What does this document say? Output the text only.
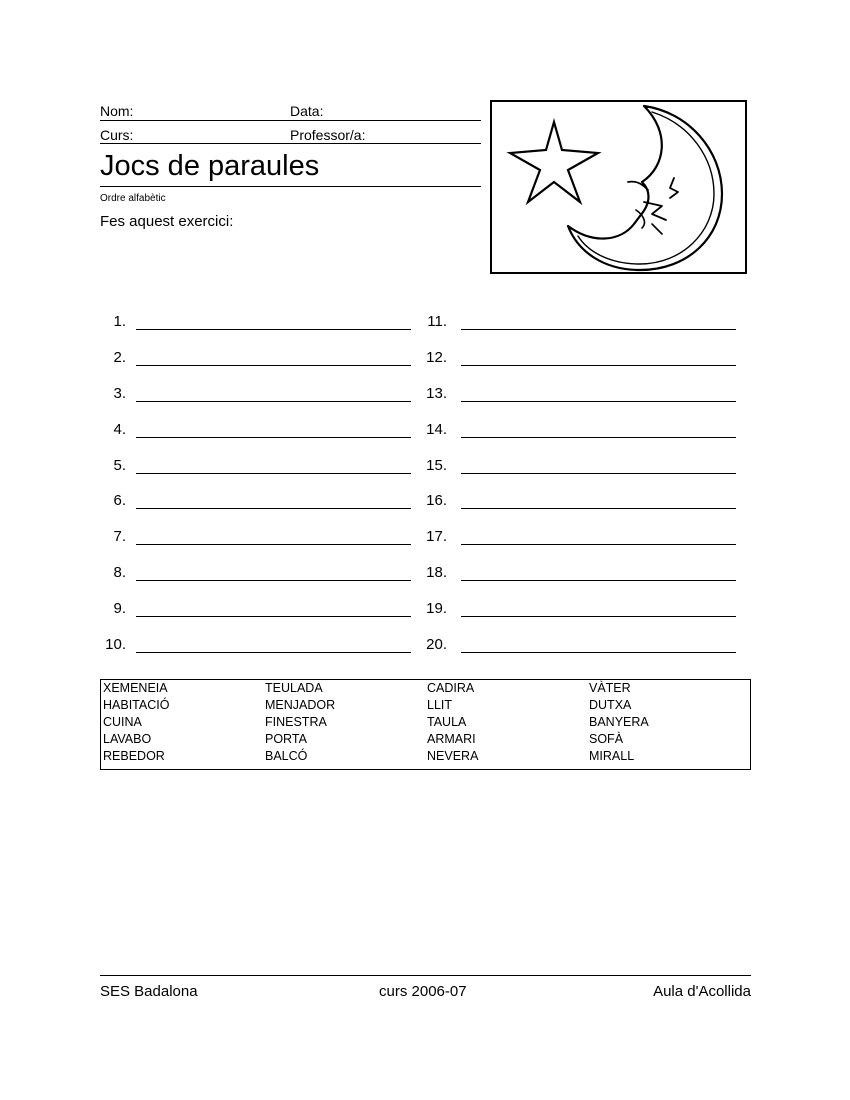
Nom:	Data:
Curs:	Professor/a:
Jocs de paraules
Ordre alfabètic
Fes aquest exercici:
1.
2.
3.
4.
5.
6.
7.
8.
9.
10.
11.
12.
13.
14.
15.
16.
17.
18.
19.
20.
XEMENEIA	TEULADA	CADIRA	VÀTER
HABITACIÓ	MENJADOR	LLIT	DUTXA
CUINA	FINESTRA	TAULA	BANYERA
LAVABO	PORTA	ARMARI	SOFÀ
REBEDOR	BALCÓ	NEVERA	MIRALL
SES Badalona	curs 2006-07	Aula d'Acollida
